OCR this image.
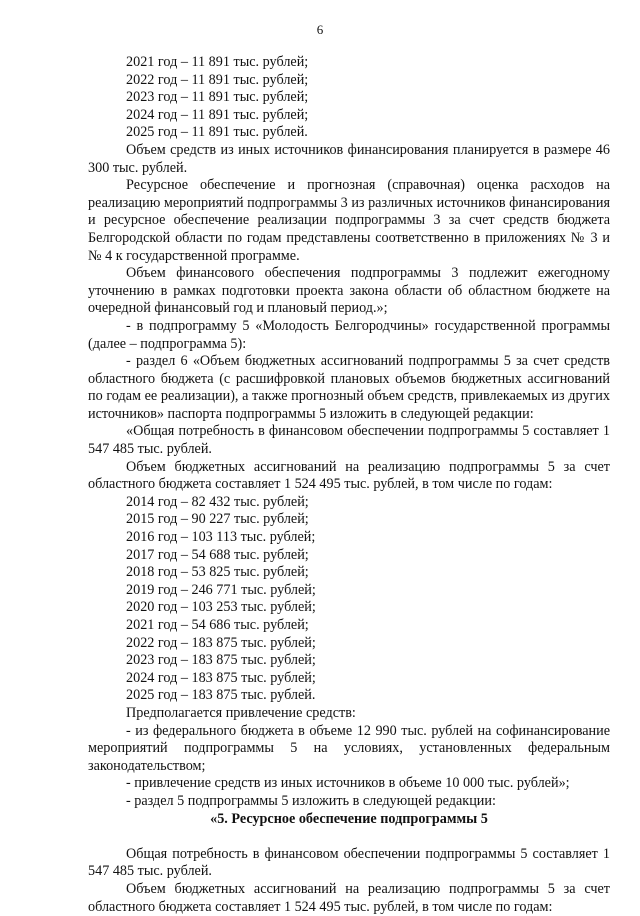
6
2021 год – 11 891 тыс. рублей;
2022 год – 11 891 тыс. рублей;
2023 год – 11 891 тыс. рублей;
2024 год – 11 891 тыс. рублей;
2025 год – 11 891 тыс. рублей.
Объем средств из иных источников финансирования планируется в размере 46 300 тыс. рублей.
Ресурсное обеспечение и прогнозная (справочная) оценка расходов на реализацию мероприятий подпрограммы 3 из различных источников финансирования и ресурсное обеспечение реализации подпрограммы 3 за счет средств бюджета Белгородской области по годам представлены соответственно в приложениях № 3 и № 4 к государственной программе.
Объем финансового обеспечения подпрограммы 3 подлежит ежегодному уточнению в рамках подготовки проекта закона области об областном бюджете на очередной финансовый год и плановый период.»;
- в подпрограмму 5 «Молодость Белгородчины» государственной программы (далее – подпрограмма 5):
- раздел 6 «Объем бюджетных ассигнований подпрограммы 5 за счет средств областного бюджета (с расшифровкой плановых объемов бюджетных ассигнований по годам ее реализации), а также прогнозный объем средств, привлекаемых из других источников» паспорта подпрограммы 5 изложить в следующей редакции:
«Общая потребность в финансовом обеспечении подпрограммы 5 составляет 1 547 485 тыс. рублей.
Объем бюджетных ассигнований на реализацию подпрограммы 5 за счет областного бюджета составляет 1 524 495 тыс. рублей, в том числе по годам:
2014 год – 82 432 тыс. рублей;
2015 год – 90 227 тыс. рублей;
2016 год – 103 113 тыс. рублей;
2017 год – 54 688 тыс. рублей;
2018 год – 53 825 тыс. рублей;
2019 год – 246 771 тыс. рублей;
2020 год – 103 253 тыс. рублей;
2021 год – 54 686 тыс. рублей;
2022 год – 183 875 тыс. рублей;
2023 год – 183 875 тыс. рублей;
2024 год – 183 875 тыс. рублей;
2025 год – 183 875 тыс. рублей.
Предполагается привлечение средств:
- из федерального бюджета в объеме 12 990 тыс. рублей на софинансирование мероприятий подпрограммы 5 на условиях, установленных федеральным законодательством;
- привлечение средств из иных источников в объеме 10 000 тыс. рублей»;
- раздел 5 подпрограммы 5 изложить в следующей редакции:
«5. Ресурсное обеспечение подпрограммы 5
Общая потребность в финансовом обеспечении подпрограммы 5 составляет 1 547 485 тыс. рублей.
Объем бюджетных ассигнований на реализацию подпрограммы 5 за счет областного бюджета составляет 1 524 495 тыс. рублей, в том числе по годам:
